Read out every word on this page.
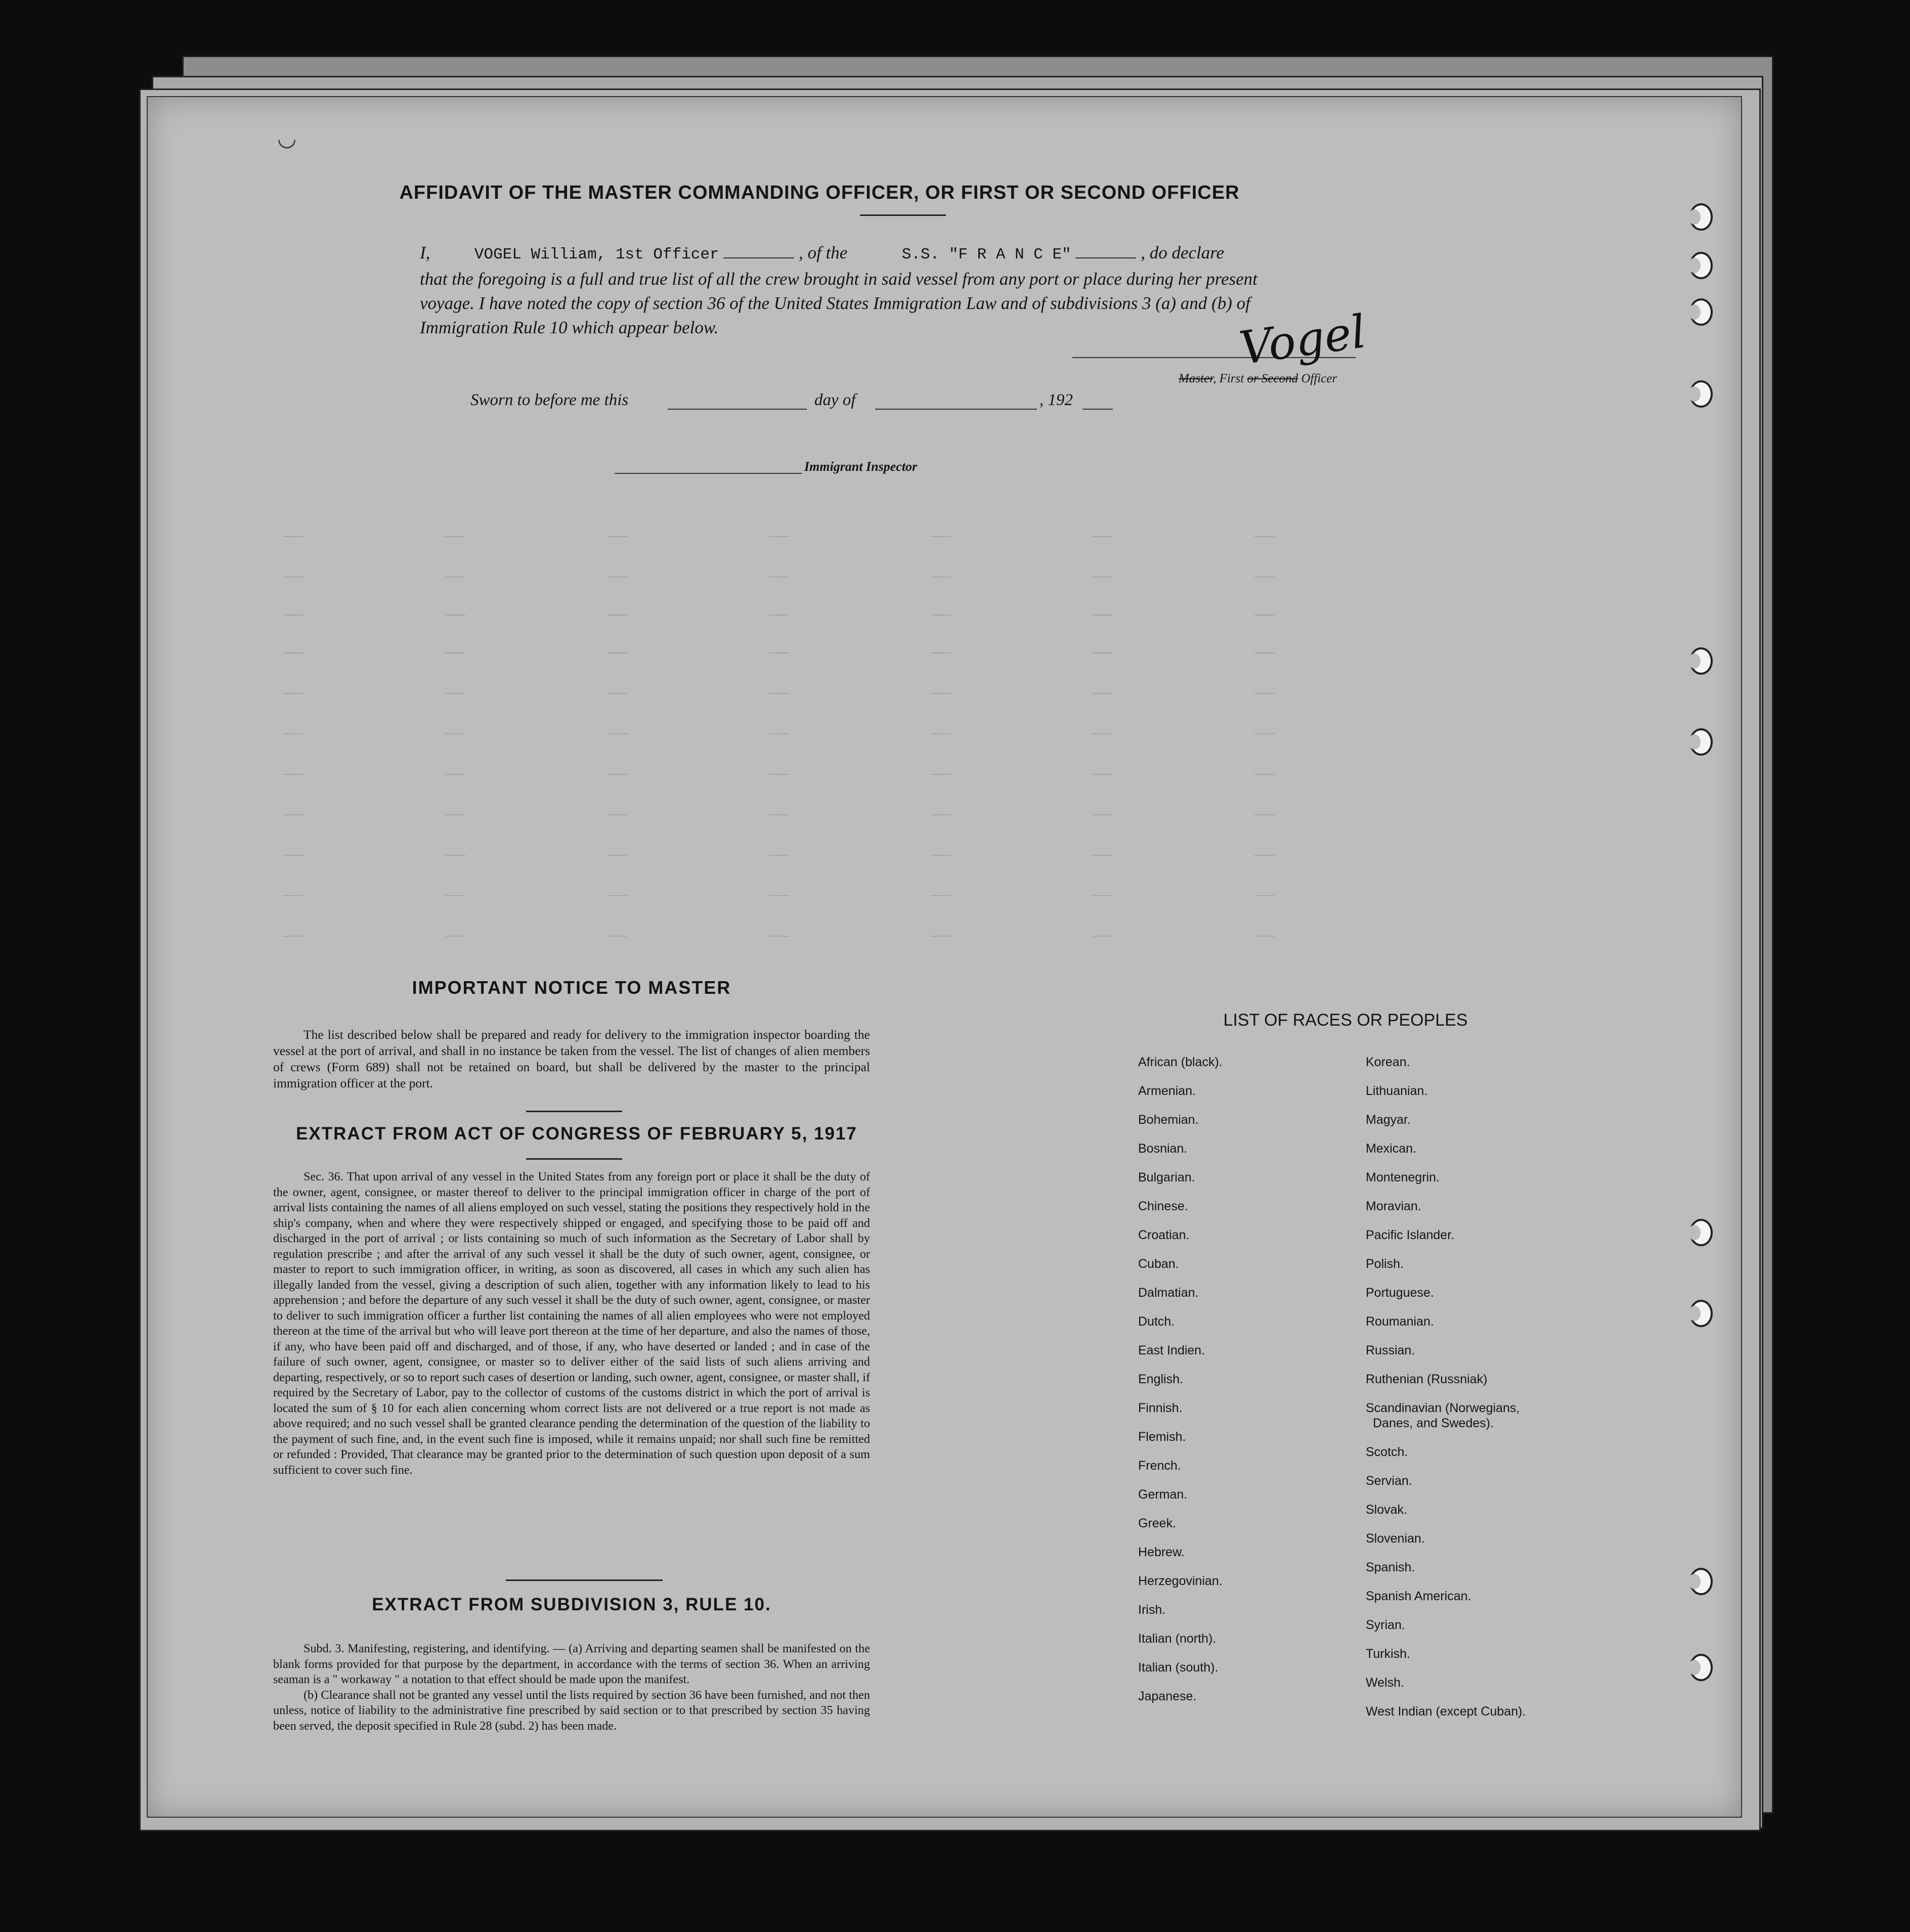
◡
AFFIDAVIT OF THE MASTER COMMANDING OFFICER, OR FIRST OR SECOND OFFICER
I,	VOGEL William, 1st Officer	, of the	S.S. "F R A N C E"	, do declare
that the foregoing is a full and true list of all the crew brought in said vessel from any port or place during her present
voyage. I have noted the copy of section 36 of the United States Immigration Law and of subdivisions 3 (a) and (b) of
Immigration Rule 10 which appear below.	Vogel
Master, First or Second Officer
Sworn to before me this	day of	, 192
Immigrant Inspector
IMPORTANT NOTICE TO MASTER

The list described below shall be prepared and ready for delivery to the immigration inspector boarding the vessel at the port of arrival, and shall in no instance be taken from the vessel. The list of changes of alien members of crews (Form 689) shall not be retained on board, but shall be delivered by the master to the principal immigration officer at the port.

EXTRACT FROM ACT OF CONGRESS OF FEBRUARY 5, 1917

Sec. 36. That upon arrival of any vessel in the United States from any foreign port or place it shall be the duty of the owner, agent, consignee, or master thereof to deliver to the principal immigration officer in charge of the port of arrival lists containing the names of all aliens employed on such vessel, stating the positions they respectively hold in the ship's company, when and where they were respectively shipped or engaged, and specifying those to be paid off and discharged in the port of arrival ; or lists containing so much of such information as the Secretary of Labor shall by regulation prescribe ; and after the arrival of any such vessel it shall be the duty of such owner, agent, consignee, or master to report to such immigration officer, in writing, as soon as discovered, all cases in which any such alien has illegally landed from the vessel, giving a description of such alien, together with any information likely to lead to his apprehension ; and before the departure of any such vessel it shall be the duty of such owner, agent, consignee, or master to deliver to such immigration officer a further list containing the names of all alien employees who were not employed thereon at the time of the arrival but who will leave port thereon at the time of her departure, and also the names of those, if any, who have been paid off and discharged, and of those, if any, who have deserted or landed ; and in case of the failure of such owner, agent, consignee, or master so to deliver either of the said lists of such aliens arriving and departing, respectively, or so to report such cases of desertion or landing, such owner, agent, consignee, or master shall, if required by the Secretary of Labor, pay to the collector of customs of the customs district in which the port of arrival is located the sum of § 10 for each alien concerning whom correct lists are not delivered or a true report is not made as above required; and no such vessel shall be granted clearance pending the determination of the question of the liability to the payment of such fine, and, in the event such fine is imposed, while it remains unpaid; nor shall such fine be remitted or refunded : Provided, That clearance may be granted prior to the determination of such question upon deposit of a sum sufficient to cover such fine.

EXTRACT FROM SUBDIVISION 3, RULE 10.

Subd. 3. Manifesting, registering, and identifying. — (a) Arriving and departing seamen shall be manifested on the blank forms provided for that purpose by the department, in accordance with the terms of section 36. When an arriving seaman is a " workaway " a notation to that effect should be made upon the manifest.

(b) Clearance shall not be granted any vessel until the lists required by section 36 have been furnished, and not then unless, notice of liability to the administrative fine prescribed by said section or to that prescribed by section 35 having been served, the deposit specified in Rule 28 (subd. 2) has been made.

LIST OF RACES OR PEOPLES
African (black).
Armenian.
Bohemian.
Bosnian.
Bulgarian.
Chinese.
Croatian.
Cuban.
Dalmatian.
Dutch.
East Indien.
English.
Finnish.
Flemish.
French.
German.
Greek.
Hebrew.
Herzegovinian.
Irish.
Italian (north).
Italian (south).
Japanese.
Korean.
Lithuanian.
Magyar.
Mexican.
Montenegrin.
Moravian.
Pacific Islander.
Polish.
Portuguese.
Roumanian.
Russian.
Ruthenian (Russniak)
Scandinavian (Norwegians,
Danes, and Swedes).
Scotch.
Servian.
Slovak.
Slovenian.
Spanish.
Spanish American.
Syrian.
Turkish.
Welsh.
West Indian (except Cuban).
